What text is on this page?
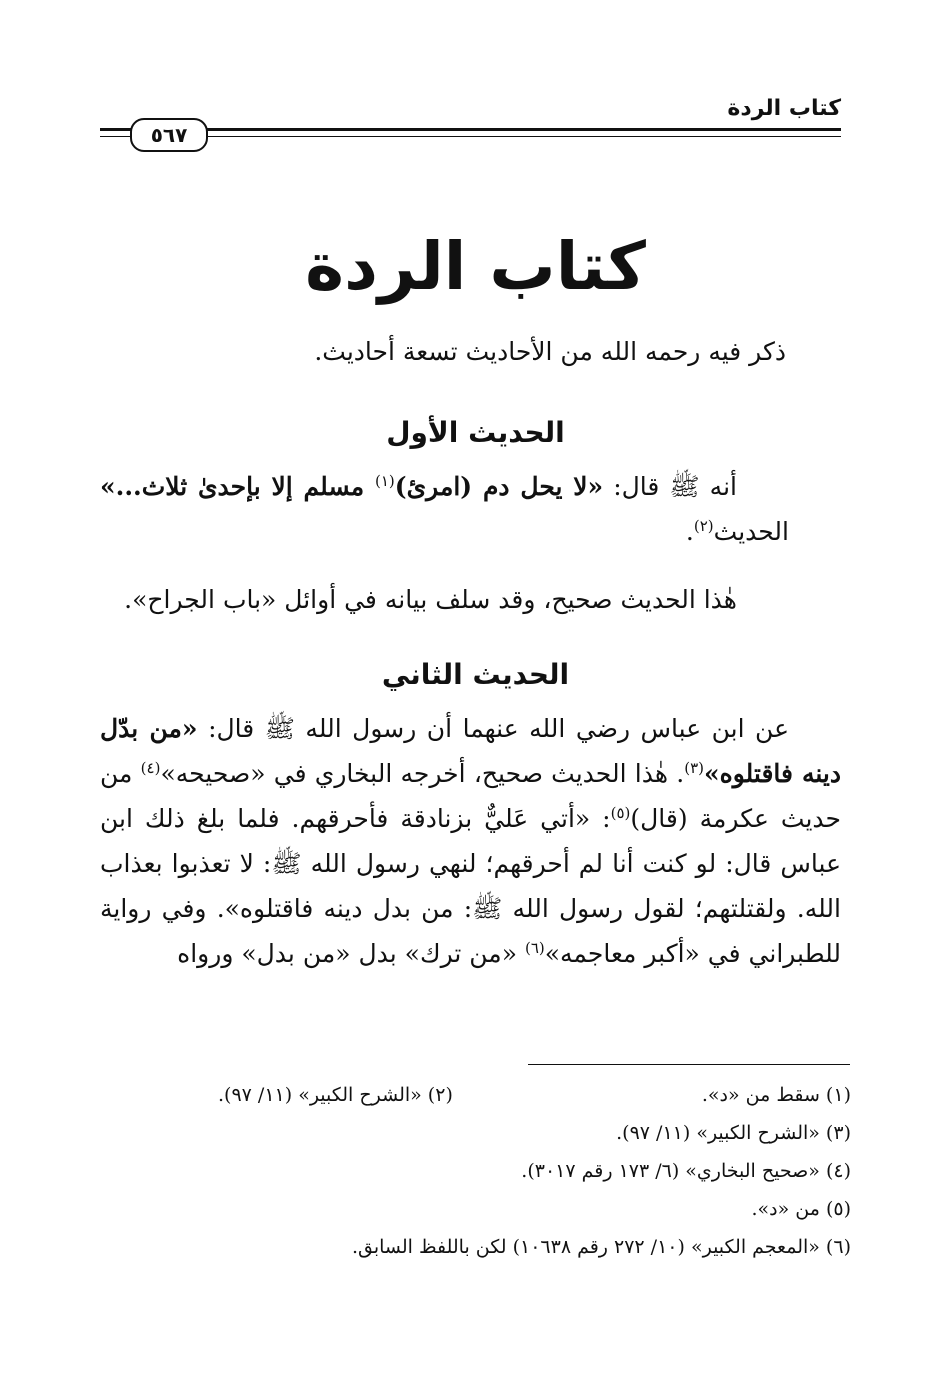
كتاب الردة
٥٦٧
كتاب الردة
ذكر فيه رحمه الله من الأحاديث تسعة أحاديث.
الحديث الأول
أنه ﷺ قال: «لا يحل دم (امرئ)$^{(١)}$ مسلم إلا بإحدىٰ ثلاث...» الحديث$^{(٢)}$.
هٰذا الحديث صحيح، وقد سلف بيانه في أوائل «باب الجراح».
الحديث الثاني
عن ابن عباس رضي الله عنهما أن رسول الله ﷺ قال: «من بدّل دينه فاقتلوه»$^{(٣)}$. هٰذا الحديث صحيح، أخرجه البخاري في «صحيحه»$^{(٤)}$ من حديث عكرمة (قال)$^{(٥)}$: «أتي عَليٌّ بزنادقة فأحرقهم. فلما بلغ ذلك ابن عباس قال: لو كنت أنا لم أحرقهم؛ لنهي رسول الله ﷺ: لا تعذبوا بعذاب الله. ولقتلتهم؛ لقول رسول الله ﷺ: من بدل دينه فاقتلوه». وفي رواية للطبراني في «أكبر معاجمه»$^{(٦)}$ «من ترك» بدل «من بدل» ورواه
(١) سقط من «د».
(٢) «الشرح الكبير» (١١/ ٩٧).
(٣) «الشرح الكبير» (١١/ ٩٧).
(٤) «صحيح البخاري» (٦/ ١٧٣ رقم ٣٠١٧).
(٥) من «د».
(٦) «المعجم الكبير» (١٠/ ٢٧٢ رقم ١٠٦٣٨) لكن باللفظ السابق.
